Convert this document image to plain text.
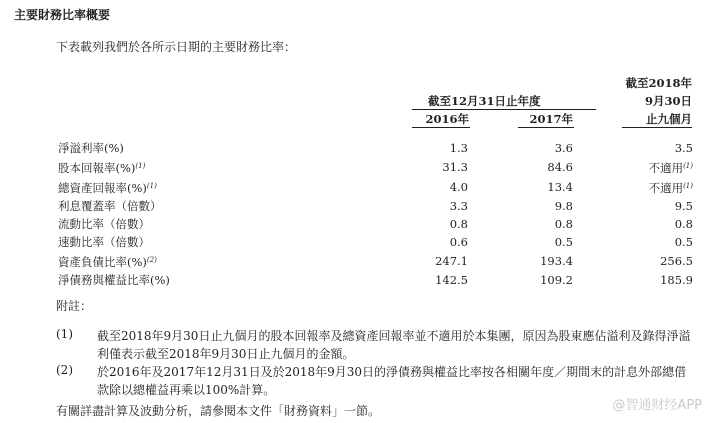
主要財務比率概要
下表載列我們於各所示日期的主要財務比率：
截至2018年
9月30日
截至12月31日止年度
2016年	2017年	止九個月
淨溢利率(%)	1.3	3.6	3.5
股本回報率(%)$^{(1)}$	31.3	84.6	不適用$^{(1)}$
總資產回報率(%)$^{(1)}$	4.0	13.4	不適用$^{(1)}$
利息覆蓋率（倍數）	3.3	9.8	9.5
流動比率（倍數）	0.8	0.8	0.8
速動比率（倍數）	0.6	0.5	0.5
資產負債比率(%)$^{(2)}$	247.1	193.4	256.5
淨債務與權益比率(%)	142.5	109.2	185.9
附註：
(1) 截至2018年9月30日止九個月的股本回報率及總資產回報率並不適用於本集團，原因為股東應佔溢利及錄得淨溢利僅表示截至2018年9月30日止九個月的金額。
(2) 於2016年及2017年12月31日及於2018年9月30日的淨債務與權益比率按各相關年度／期間末的計息外部總借款除以總權益再乘以100%計算。
有關詳盡計算及波動分析，請參閱本文件「財務資料」一節。	@智通财经APP
